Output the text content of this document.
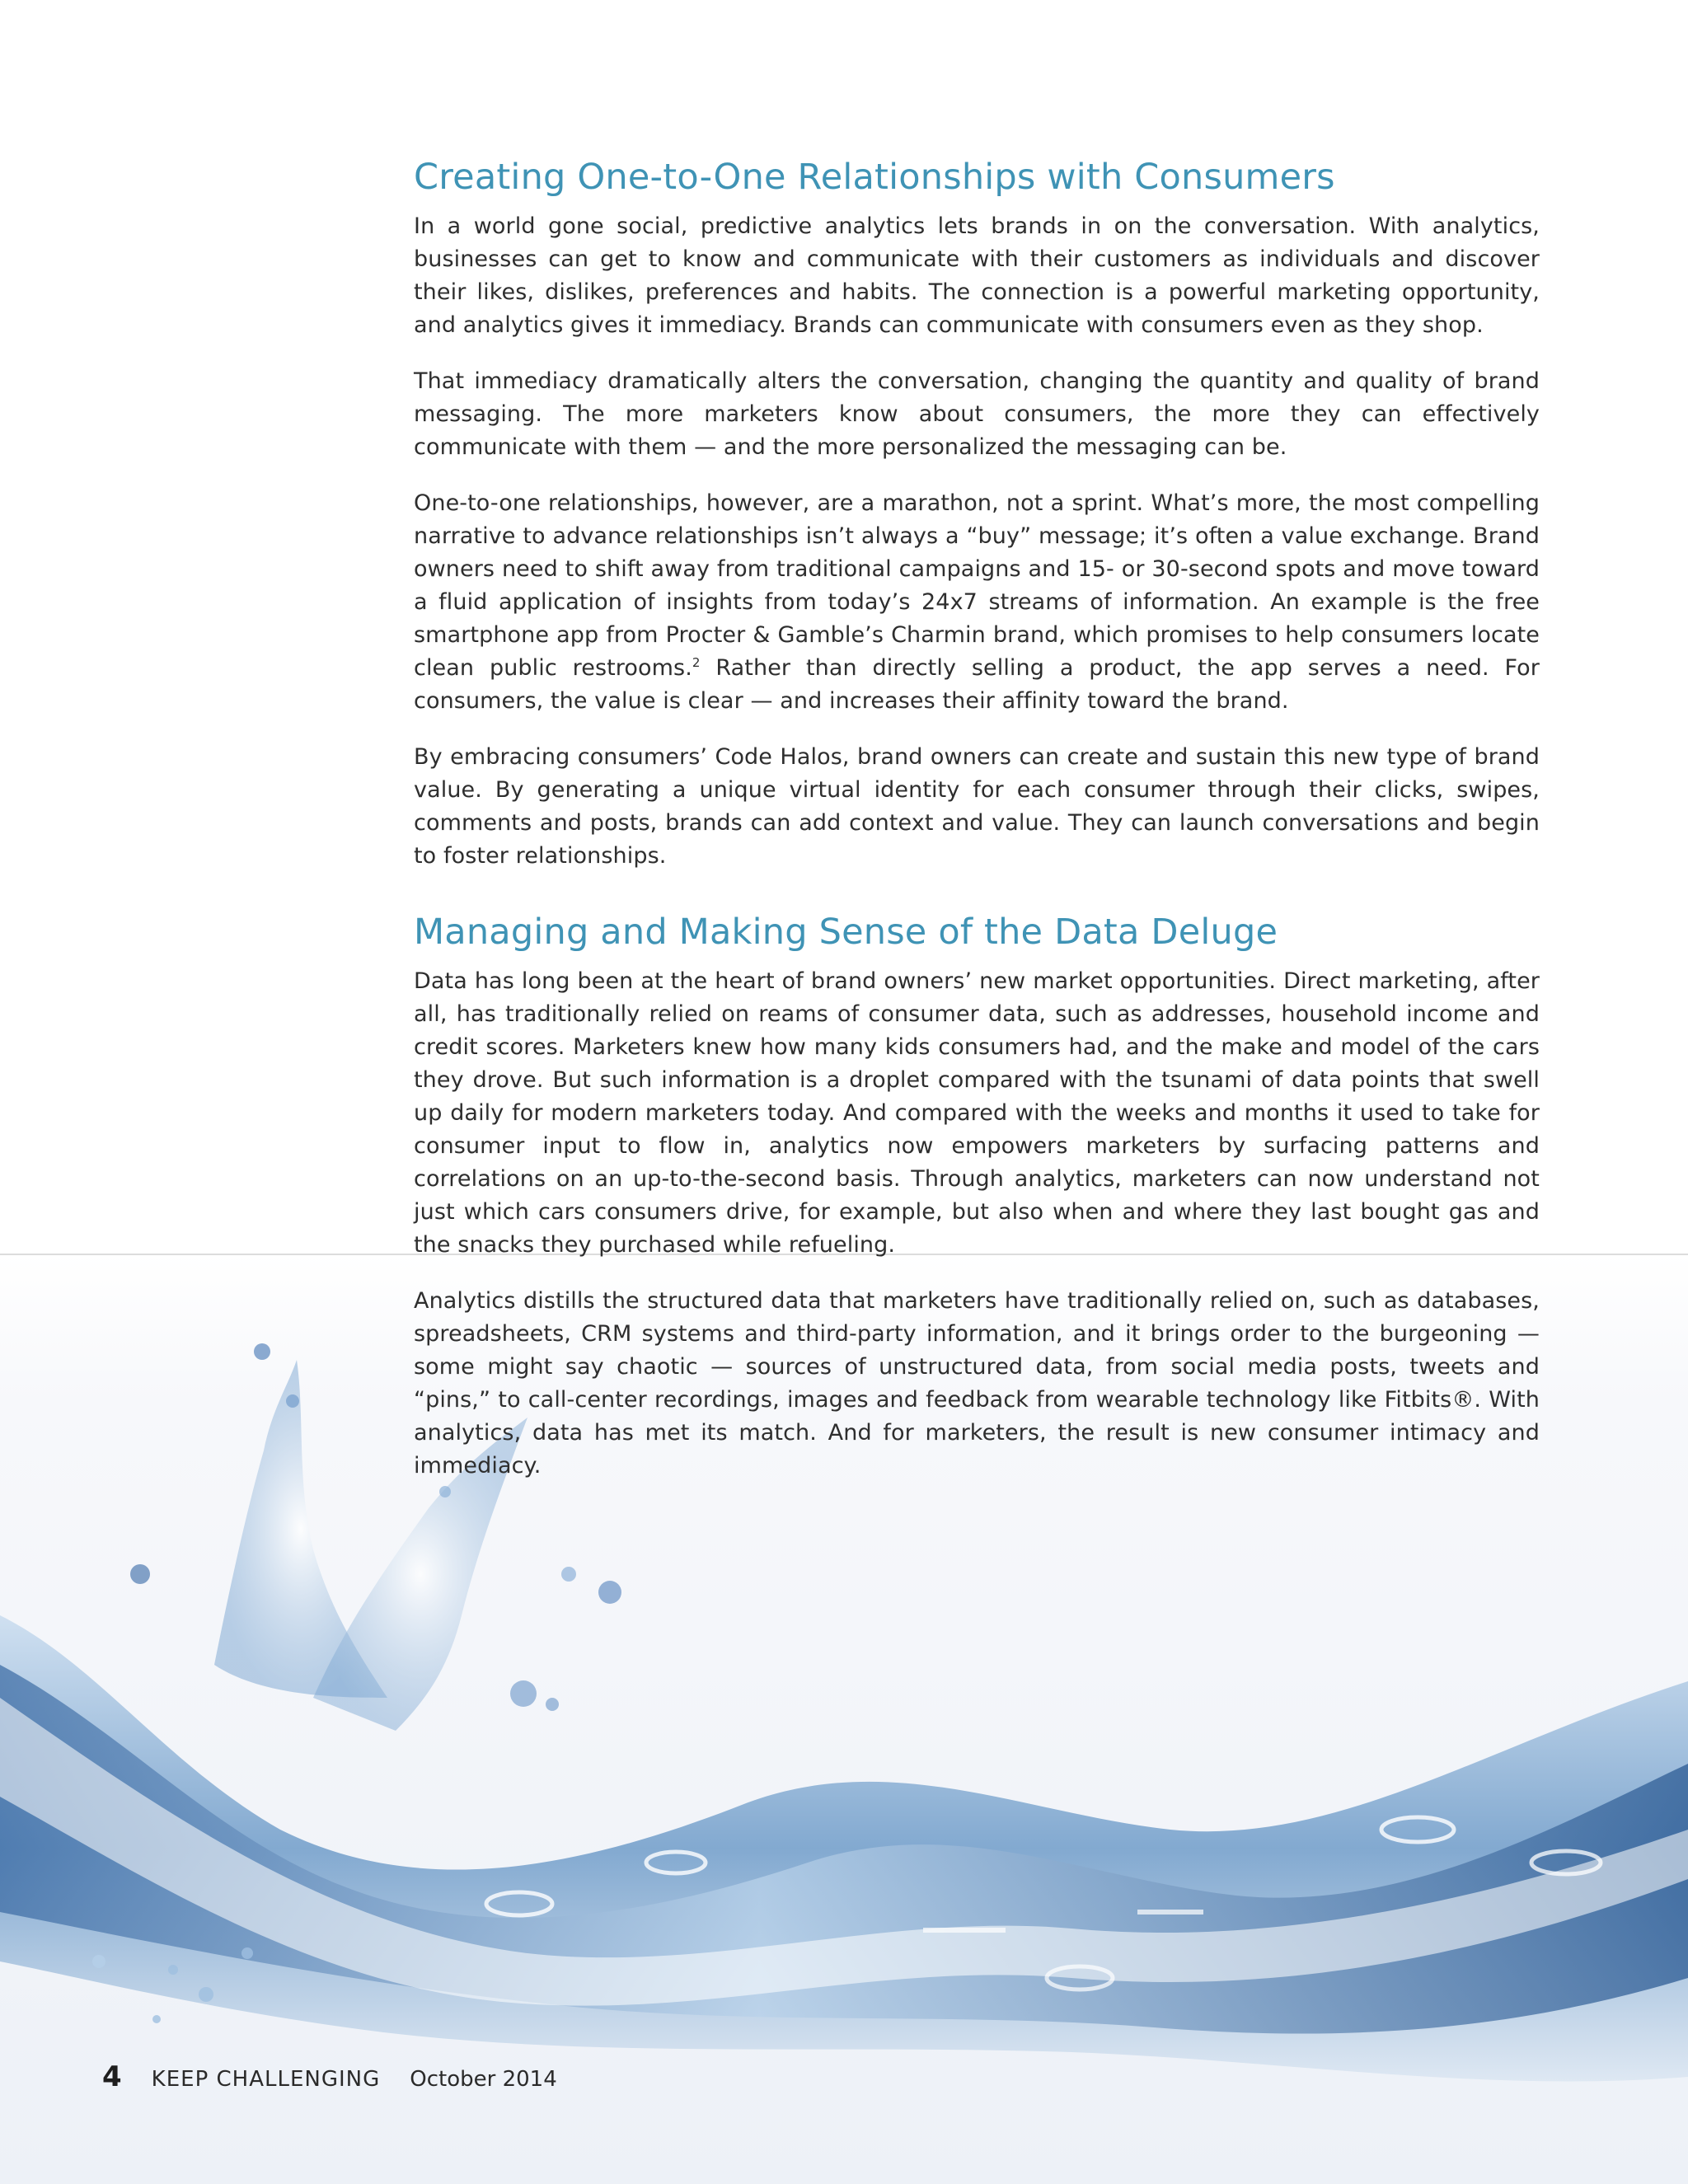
Creating One-to-One Relationships with Consumers

In a world gone social, predictive analytics lets brands in on the conversation. With analytics, businesses can get to know and communicate with their customers as individuals and discover their likes, dislikes, preferences and habits. The connection is a powerful marketing opportunity, and analytics gives it immediacy. Brands can communicate with consumers even as they shop.

That immediacy dramatically alters the conversation, changing the quantity and quality of brand messaging. The more marketers know about consumers, the more they can effectively communicate with them — and the more personalized the messaging can be.

One-to-one relationships, however, are a marathon, not a sprint. What’s more, the most compelling narrative to advance relationships isn’t always a “buy” message; it’s often a value exchange. Brand owners need to shift away from traditional campaigns and 15- or 30-second spots and move toward a fluid application of insights from today’s 24x7 streams of information. An example is the free smartphone app from Procter & Gamble’s Charmin brand, which promises to help consumers locate clean public restrooms.$^2$ Rather than directly selling a product, the app serves a need. For consumers, the value is clear — and increases their affinity toward the brand.

By embracing consumers’ Code Halos, brand owners can create and sustain this new type of brand value. By generating a unique virtual identity for each consumer through their clicks, swipes, comments and posts, brands can add context and value. They can launch conversations and begin to foster relationships.

Managing and Making Sense of the Data Deluge

Data has long been at the heart of brand owners’ new market opportunities. Direct marketing, after all, has traditionally relied on reams of consumer data, such as addresses, household income and credit scores. Marketers knew how many kids consumers had, and the make and model of the cars they drove. But such information is a droplet compared with the tsunami of data points that swell up daily for modern marketers today. And compared with the weeks and months it used to take for consumer input to flow in, analytics now empowers marketers by surfacing patterns and correlations on an up-to-the-second basis. Through analytics, marketers can now understand not just which cars consumers drive, for example, but also when and where they last bought gas and the snacks they purchased while refueling.

Analytics distills the structured data that marketers have traditionally relied on, such as databases, spreadsheets, CRM systems and third-party information, and it brings order to the burgeoning — some might say chaotic — sources of unstructured data, from social media posts, tweets and “pins,” to call-center recordings, images and feedback from wearable technology like Fitbits®. With analytics, data has met its match. And for marketers, the result is new consumer intimacy and immediacy.

4 KEEP CHALLENGING October 2014
